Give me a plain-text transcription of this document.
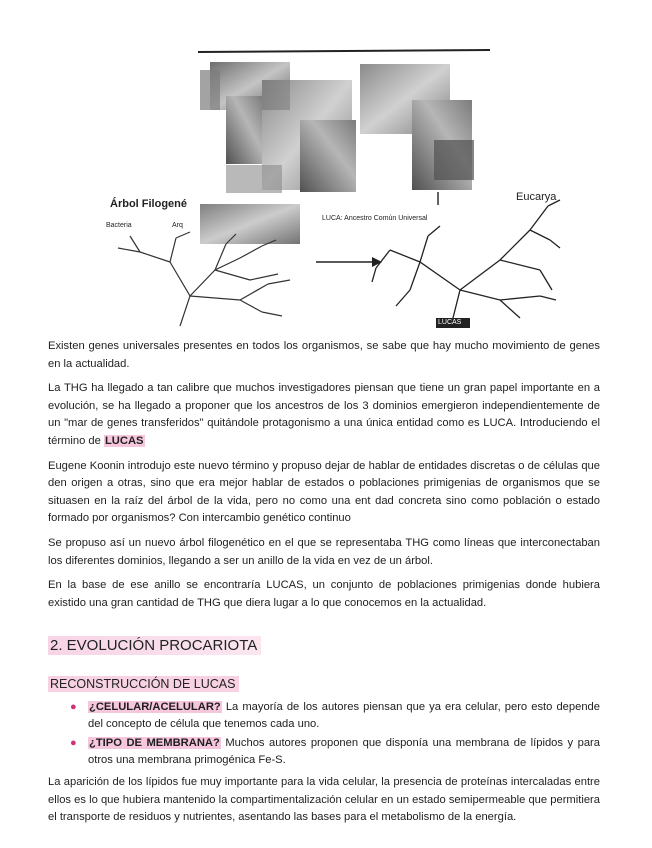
Árbol Filogené
Bacteria	Arq
LUCA: Ancestro Común Universal
Eucarya
LUCAS

Existen genes universales presentes en todos los organismos, se sabe que hay mucho movimiento de genes en la actualidad.

La THG ha llegado a tan calibre que muchos investigadores piensan que tiene un gran papel importante en a evolución, se ha llegado a proponer que los ancestros de los 3 dominios emergieron independientemente de un "mar de genes transferidos" quitándole protagonismo a una única entidad como es LUCA. Introduciendo el término de LUCAS

Eugene Koonin introdujo este nuevo término y propuso dejar de hablar de entidades discretas o de células que den origen a otras, sino que era mejor hablar de estados o poblaciones primigenias de organismos que se situasen en la raíz del árbol de la vida, pero no como una ent dad concreta sino como población o estado formado por organismos? Con intercambio genético continuo

Se propuso así un nuevo árbol filogenético en el que se representaba THG como líneas que interconectaban los diferentes dominios, llegando a ser un anillo de la vida en vez de un árbol.

En la base de ese anillo se encontraría LUCAS, un conjunto de poblaciones primigenias donde hubiera existido una gran cantidad de THG que diera lugar a lo que conocemos en la actualidad.

2. EVOLUCIÓN PROCARIOTA
RECONSTRUCCIÓN DE LUCAS
● ¿CELULAR/ACELULAR? La mayoría de los autores piensan que ya era celular, pero esto depende del concepto de célula que tenemos cada uno.
● ¿TIPO DE MEMBRANA? Muchos autores proponen que disponía una membrana de lípidos y para otros una membrana primogénica Fe-S.
La aparición de los lípidos fue muy importante para la vida celular, la presencia de proteínas intercaladas entre ellos es lo que hubiera mantenido la compartimentalización celular en un estado semipermeable que permitiera el transporte de residuos y nutrientes, asentando las bases para el metabolismo de la energía.
